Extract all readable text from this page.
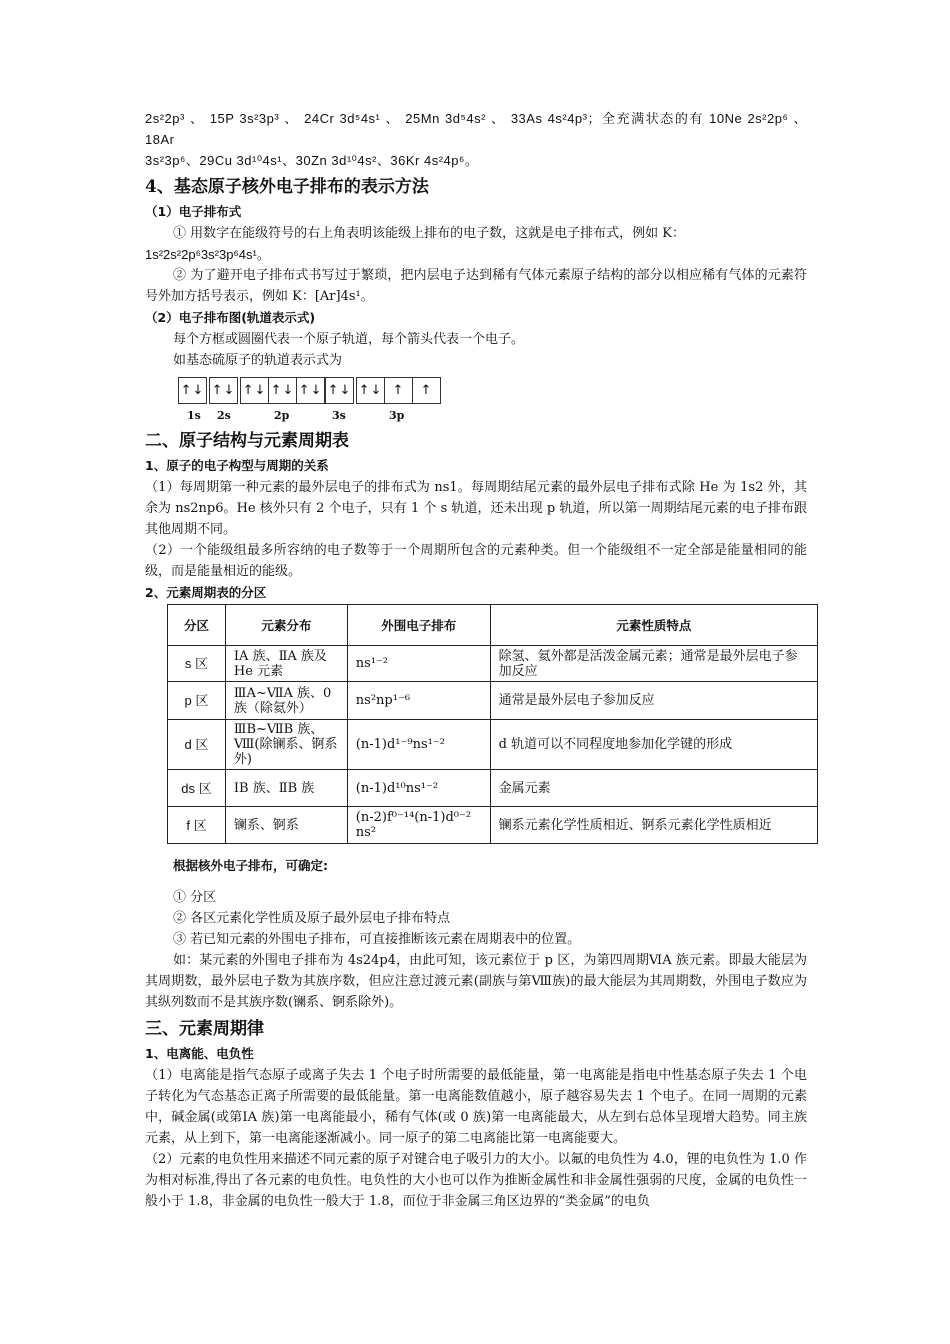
2s²2p³ 、 15P 3s²3p³ 、 24Cr 3d⁵4s¹ 、 25Mn 3d⁵4s² 、 33As 4s²4p³；全充满状态的有 10Ne 2s²2p⁶ 、 18Ar

3s²3p⁶、29Cu 3d¹⁰4s¹、30Zn 3d¹⁰4s²、36Kr 4s²4p⁶。

4、基态原子核外电子排布的表示方法

（1）电子排布式

① 用数字在能级符号的右上角表明该能级上排布的电子数，这就是电子排布式，例如 K：

1s²2s²2p⁶3s²3p⁶4s¹。

② 为了避开电子排布式书写过于繁琐，把内层电子达到稀有气体元素原子结构的部分以相应稀有气体的元素符号外加方括号表示，例如 K：[Ar]4s¹。

（2）电子排布图(轨道表示式)

每个方框或圆圈代表一个原子轨道，每个箭头代表一个电子。

如基态硫原子的轨道表示式为

↑↓ ↑↓ ↑↓ ↑↓ ↑↓ ↑↓ ↑↓ ↑	↑
1s 2s	2p	3s	3p

二、原子结构与元素周期表

1、原子的电子构型与周期的关系

（1）每周期第一种元素的最外层电子的排布式为 ns1。每周期结尾元素的最外层电子排布式除 He 为 1s2 外，其余为 ns2np6。He 核外只有 2 个电子，只有 1 个 s 轨道，还未出现 p 轨道，所以第一周期结尾元素的电子排布跟其他周期不同。

（2）一个能级组最多所容纳的电子数等于一个周期所包含的元素种类。但一个能级组不一定全部是能量相同的能级，而是能量相近的能级。

2、元素周期表的分区

分区	元素分布	外围电子排布	元素性质特点
s 区	ⅠA 族、ⅡA 族及 He 元素	ns¹⁻²	除氢、氦外都是活泼金属元素；通常是最外层电子参加反应
p 区	ⅢA~ⅦA 族、0 族（除氦外）	ns²np¹⁻⁶	通常是最外层电子参加反应
d 区	ⅢB~ⅦB 族、Ⅷ(除镧系、锕系外)	(n-1)d¹⁻⁹ns¹⁻²	d 轨道可以不同程度地参加化学键的形成
ds 区	ⅠB 族、ⅡB 族	(n-1)d¹⁰ns¹⁻²	金属元素
f 区	镧系、锕系	(n-2)f⁰⁻¹⁴(n-1)d⁰⁻² ns²	镧系元素化学性质相近、锕系元素化学性质相近

根据核外电子排布，可确定:

① 分区

② 各区元素化学性质及原子最外层电子排布特点

③ 若已知元素的外围电子排布，可直接推断该元素在周期表中的位置。

如：某元素的外围电子排布为 4s24p4，由此可知，该元素位于 p 区，为第四周期ⅥA 族元素。即最大能层为其周期数，最外层电子数为其族序数，但应注意过渡元素(副族与第Ⅷ族)的最大能层为其周期数，外围电子数应为其纵列数而不是其族序数(镧系、锕系除外)。

三、元素周期律

1、电离能、电负性

（1）电离能是指气态原子或离子失去 1 个电子时所需要的最低能量，第一电离能是指电中性基态原子失去 1 个电子转化为气态基态正离子所需要的最低能量。第一电离能数值越小，原子越容易失去 1 个电子。在同一周期的元素中，碱金属(或第ⅠA 族)第一电离能最小，稀有气体(或 0 族)第一电离能最大，从左到右总体呈现增大趋势。同主族元素，从上到下，第一电离能逐渐减小。同一原子的第二电离能比第一电离能要大。

（2）元素的电负性用来描述不同元素的原子对键合电子吸引力的大小。以氟的电负性为 4.0，锂的电负性为 1.0 作为相对标准,得出了各元素的电负性。电负性的大小也可以作为推断金属性和非金属性强弱的尺度，金属的电负性一般小于 1.8，非金属的电负性一般大于 1.8，而位于非金属三角区边界的“类金属”的电负
